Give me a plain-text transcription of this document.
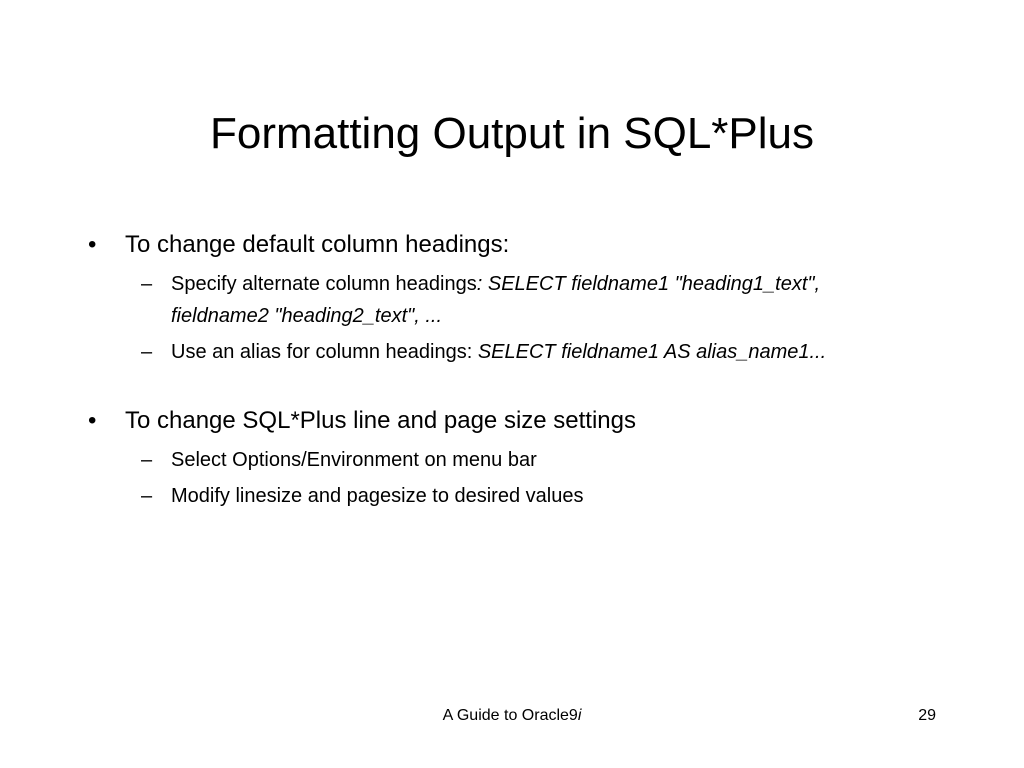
Formatting Output in SQL*Plus
• To change default column headings:
– Specify alternate column headings: SELECT fieldname1 "heading1_text", fieldname2 "heading2_text", ...
– Use an alias for column headings: SELECT fieldname1 AS alias_name1...
• To change SQL*Plus line and page size settings
– Select Options/Environment on menu bar
– Modify linesize and pagesize to desired values
A Guide to Oracle9i	29
